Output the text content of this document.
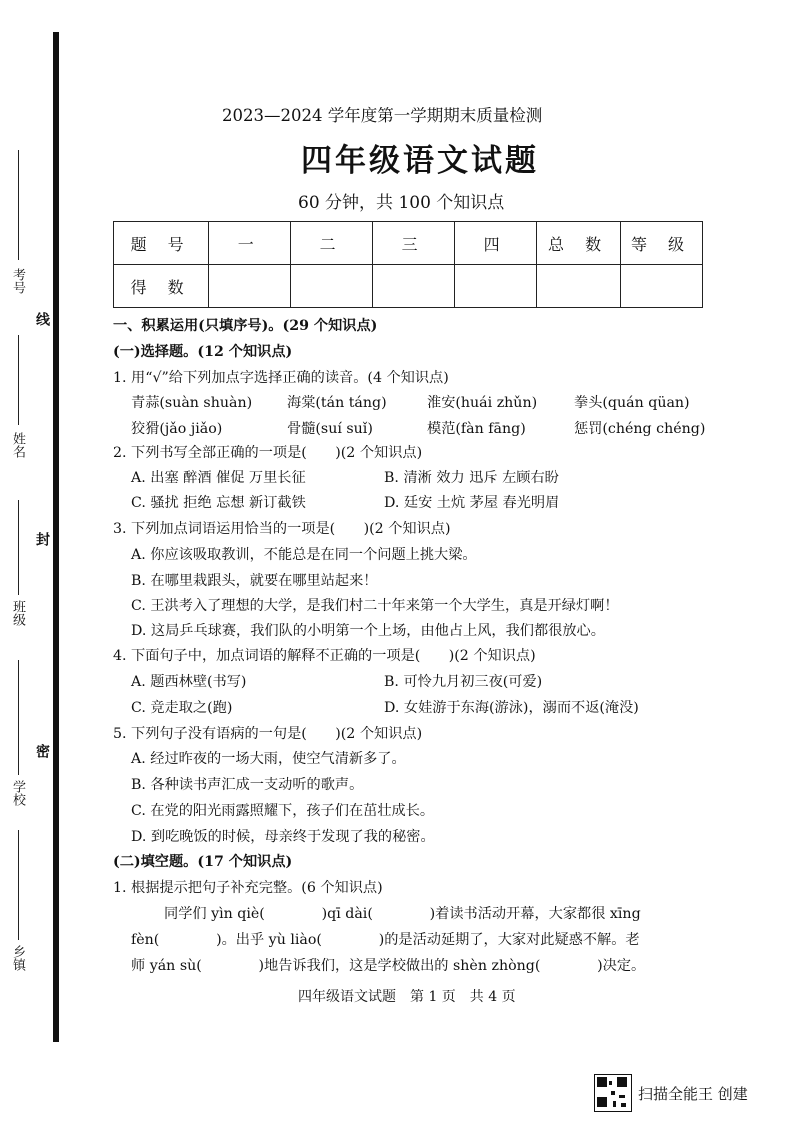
考号
姓名
班级
学校
乡镇
线
封
密
2023—2024 学年度第一学期期末质量检测
四年级语文试题
60 分钟，共 100 个知识点
题 号	一	二	三	四	总 数	等 级
得 数						
一、积累运用(只填序号)。(29 个知识点)
(一)选择题。(12 个知识点)
1. 用“√”给下列加点字选择正确的读音。(4 个知识点)
青蒜(suàn shuàn) 海棠(tán táng)	淮安(huái zhǔn)	拳头(quán qüan)
狡猾(jǎo jiǎo)	骨髓(suí suǐ)	模范(fàn fāng)	惩罚(chéng chéng)
2. 下列书写全部正确的一项是(　　)(2 个知识点)
A. 出塞 醉酒 催促 万里长征	B. 清淅 效力 迅斥 左顾右盼
C. 骚扰 拒绝 忘想 新订截铁	D. 廷安 土炕 茅屋 春光明眉
3. 下列加点词语运用恰当的一项是(　　)(2 个知识点)
A. 你应该吸取教训，不能总是在同一个问题上挑大梁。
B. 在哪里栽跟头，就要在哪里站起来！
C. 王洪考入了理想的大学，是我们村二十年来第一个大学生，真是开绿灯啊！
D. 这局乒乓球赛，我们队的小明第一个上场，由他占上风，我们都很放心。
4. 下面句子中，加点词语的解释不正确的一项是(　　)(2 个知识点)
A. 题西林壁(书写)	B. 可怜九月初三夜(可爱)
C. 竞走取之(跑)	D. 女娃游于东海(游泳)，溺而不返(淹没)
5. 下列句子没有语病的一句是(　　)(2 个知识点)
A. 经过昨夜的一场大雨，使空气清新多了。
B. 各种读书声汇成一支动听的歌声。
C. 在党的阳光雨露照耀下，孩子们在茁壮成长。
D. 到吃晚饭的时候，母亲终于发现了我的秘密。
(二)填空题。(17 个知识点)
1. 根据提示把句子补充完整。(6 个知识点)
同学们 yìn qiè(　　　　)qī dài(　　　　)着读书活动开幕，大家都很 xīng
fèn(　　　　)。出乎 yù liào(　　　　)的是活动延期了，大家对此疑惑不解。老
师 yán sù(　　　　)地告诉我们，这是学校做出的 shèn zhòng(　　　　)决定。
四年级语文试题　第 1 页　共 4 页
扫描全能王 创建
